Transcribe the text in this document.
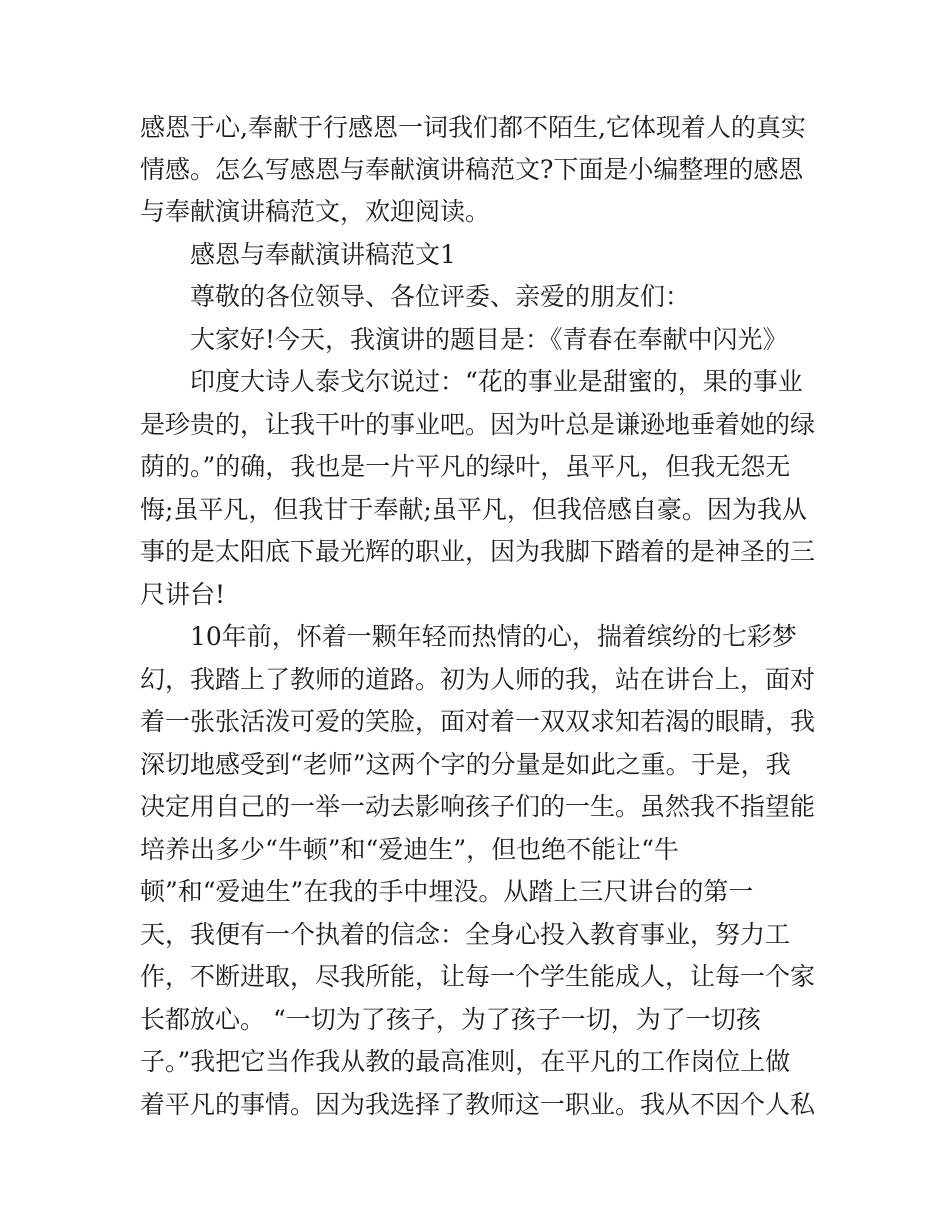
感恩于心,奉献于行感恩一词我们都不陌生,它体现着人的真实
情感。怎么写感恩与奉献演讲稿范文?下面是小编整理的感恩
与奉献演讲稿范文，欢迎阅读。
感恩与奉献演讲稿范文1
尊敬的各位领导、各位评委、亲爱的朋友们：
大家好!今天，我演讲的题目是：《青春在奉献中闪光》
印度大诗人泰戈尔说过：“花的事业是甜蜜的，果的事业
是珍贵的，让我干叶的事业吧。因为叶总是谦逊地垂着她的绿
荫的。”的确，我也是一片平凡的绿叶，虽平凡，但我无怨无
悔;虽平凡，但我甘于奉献;虽平凡，但我倍感自豪。因为我从
事的是太阳底下最光辉的职业，因为我脚下踏着的是神圣的三
尺讲台!
10年前，怀着一颗年轻而热情的心，揣着缤纷的七彩梦
幻，我踏上了教师的道路。初为人师的我，站在讲台上，面对
着一张张活泼可爱的笑脸，面对着一双双求知若渴的眼睛，我
深切地感受到“老师”这两个字的分量是如此之重。于是，我
决定用自己的一举一动去影响孩子们的一生。虽然我不指望能
培养出多少“牛顿”和“爱迪生”，但也绝不能让“牛
顿”和“爱迪生”在我的手中埋没。从踏上三尺讲台的第一
天，我便有一个执着的信念：全身心投入教育事业，努力工
作，不断进取，尽我所能，让每一个学生能成人，让每一个家
长都放心。 “一切为了孩子，为了孩子一切，为了一切孩
子。”我把它当作我从教的最高准则，在平凡的工作岗位上做
着平凡的事情。因为我选择了教师这一职业。我从不因个人私
